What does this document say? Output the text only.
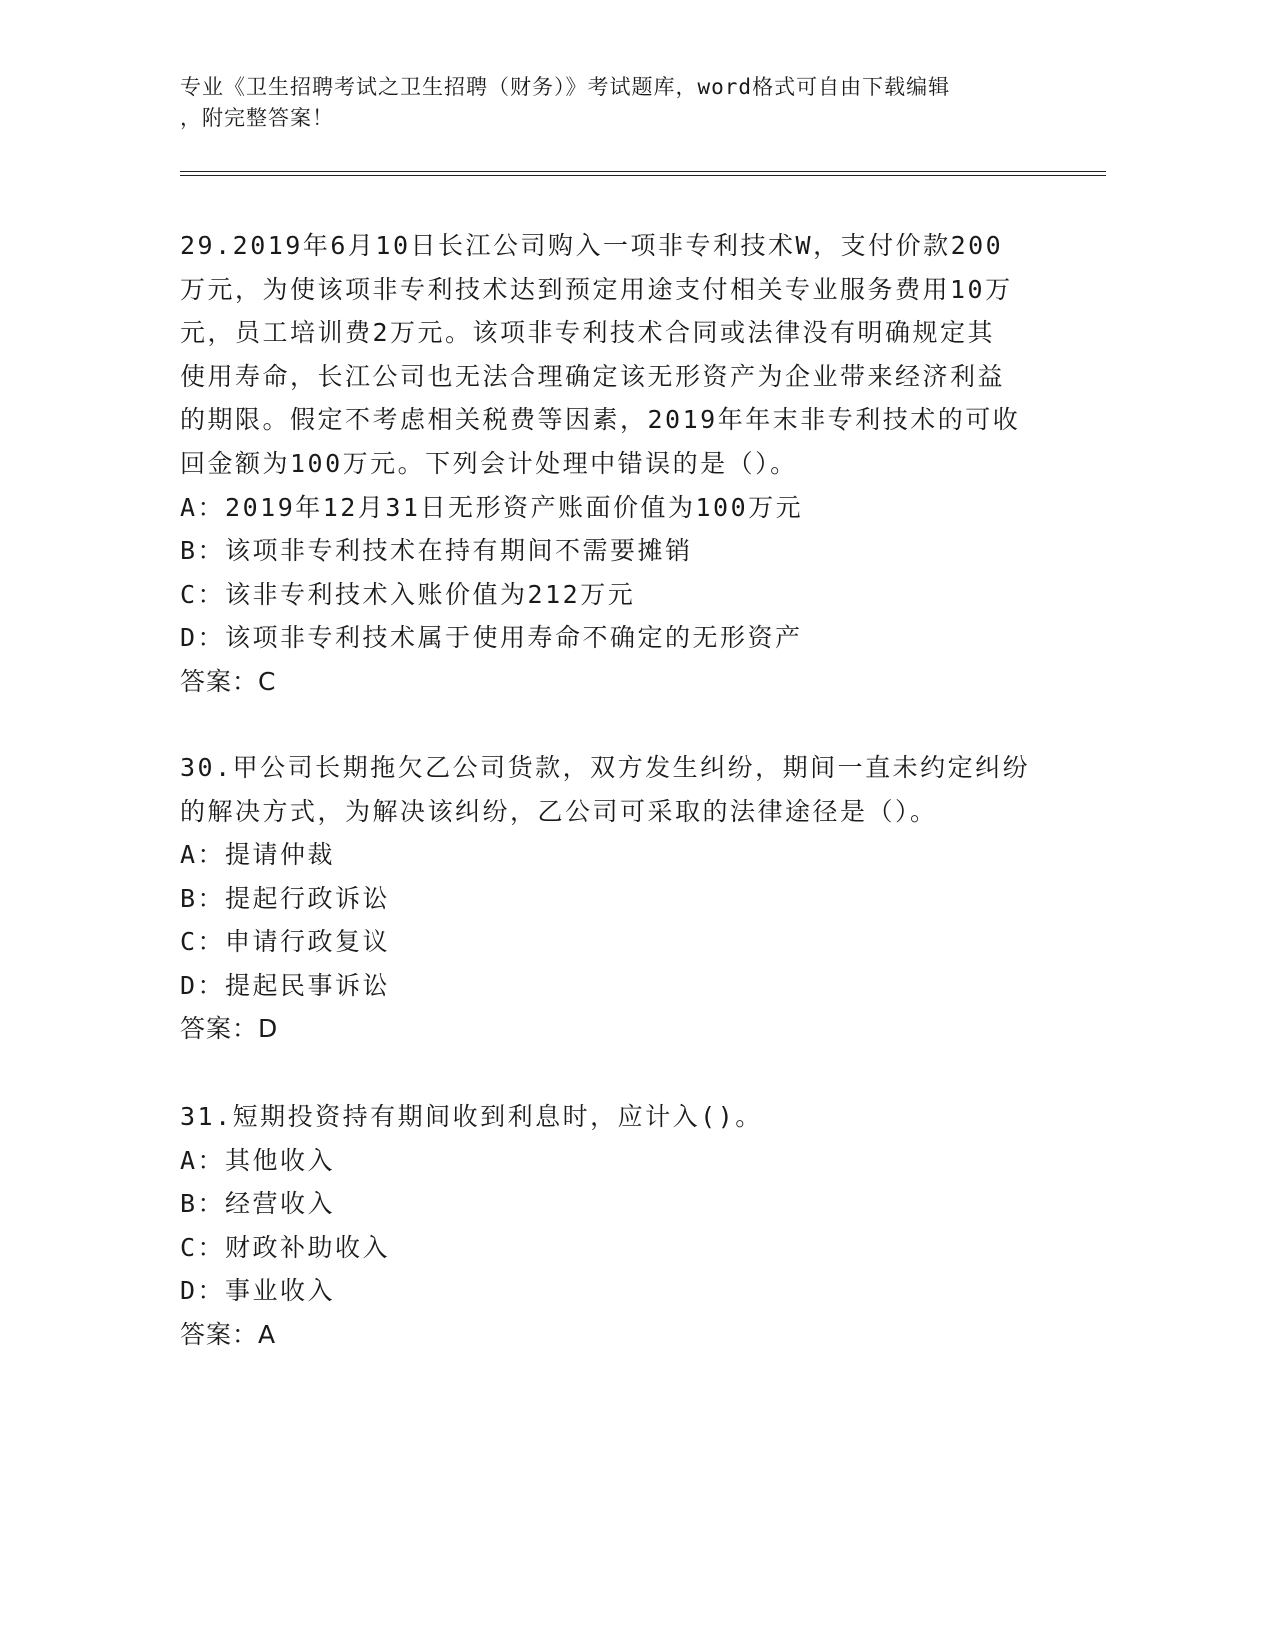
专业《卫生招聘考试之卫生招聘（财务）》考试题库，word格式可自由下载编辑
，附完整答案！
29.2019年6月10日长江公司购入一项非专利技术W，支付价款200
万元，为使该项非专利技术达到预定用途支付相关专业服务费用10万
元，员工培训费2万元。该项非专利技术合同或法律没有明确规定其
使用寿命，长江公司也无法合理确定该无形资产为企业带来经济利益
的期限。假定不考虑相关税费等因素，2019年年末非专利技术的可收
回金额为100万元。下列会计处理中错误的是（）。
A：2019年12月31日无形资产账面价值为100万元
B：该项非专利技术在持有期间不需要摊销
C：该非专利技术入账价值为212万元
D：该项非专利技术属于使用寿命不确定的无形资产
答案：C
30.甲公司长期拖欠乙公司货款，双方发生纠纷，期间一直未约定纠纷
的解决方式，为解决该纠纷，乙公司可采取的法律途径是（）。
A：提请仲裁
B：提起行政诉讼
C：申请行政复议
D：提起民事诉讼
答案：D
31.短期投资持有期间收到利息时，应计入()。
A：其他收入
B：经营收入
C：财政补助收入
D：事业收入
答案：A
